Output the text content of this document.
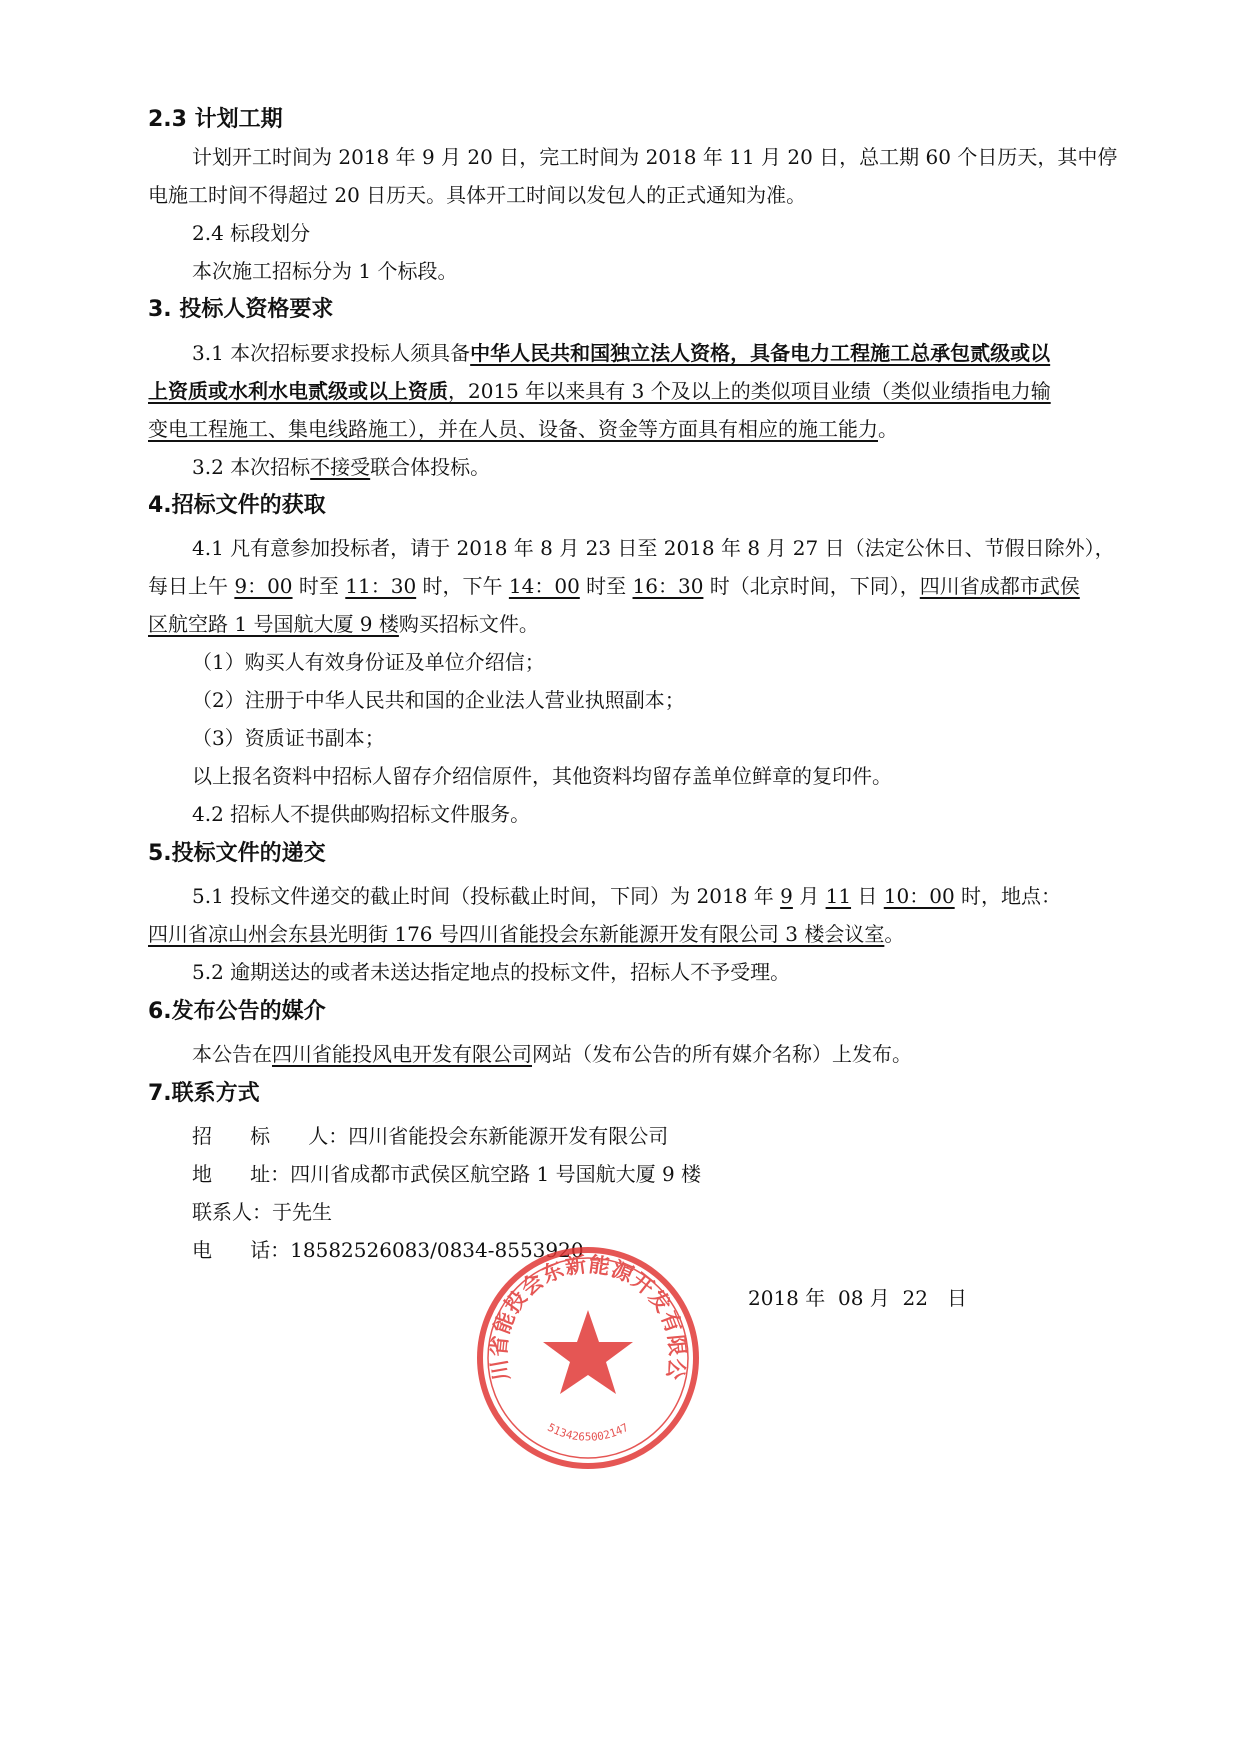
2.3 计划工期
计划开工时间为 2018 年 9 月 20 日，完工时间为 2018 年 11 月 20 日，总工期 60 个日历天，其中停
电施工时间不得超过 20 日历天。具体开工时间以发包人的正式通知为准。
2.4 标段划分
本次施工招标分为 1 个标段。
3. 投标人资格要求
3.1 本次招标要求投标人须具备中华人民共和国独立法人资格，具备电力工程施工总承包贰级或以
上资质或水利水电贰级或以上资质，2015 年以来具有 3 个及以上的类似项目业绩（类似业绩指电力输
变电工程施工、集电线路施工），并在人员、设备、资金等方面具有相应的施工能力。
3.2 本次招标不接受联合体投标。
4.招标文件的获取
4.1 凡有意参加投标者，请于 2018 年 8 月 23 日至 2018 年 8 月 27 日（法定公休日、节假日除外），
每日上午 9：00 时至 11：30 时，下午 14：00 时至 16：30 时（北京时间，下同），四川省成都市武侯
区航空路 1 号国航大厦 9 楼购买招标文件。
（1）购买人有效身份证及单位介绍信；
（2）注册于中华人民共和国的企业法人营业执照副本；
（3）资质证书副本；
以上报名资料中招标人留存介绍信原件，其他资料均留存盖单位鲜章的复印件。
4.2 招标人不提供邮购招标文件服务。
5.投标文件的递交
5.1 投标文件递交的截止时间（投标截止时间，下同）为 2018 年 9 月 11 日 10：00 时，地点：
四川省凉山州会东县光明街 176 号四川省能投会东新能源开发有限公司 3 楼会议室。
5.2 逾期送达的或者未送达指定地点的投标文件，招标人不予受理。
6.发布公告的媒介
本公告在四川省能投风电开发有限公司网站（发布公告的所有媒介名称）上发布。
7.联系方式
招      标      人：四川省能投会东新能源开发有限公司
地      址：四川省成都市武侯区航空路 1 号国航大厦 9 楼
联系人：于先生
电      话：18582526083/0834-8553920
2018 年  08 月  22   日
川省能投会东新能源开发有限公
5134265002147
